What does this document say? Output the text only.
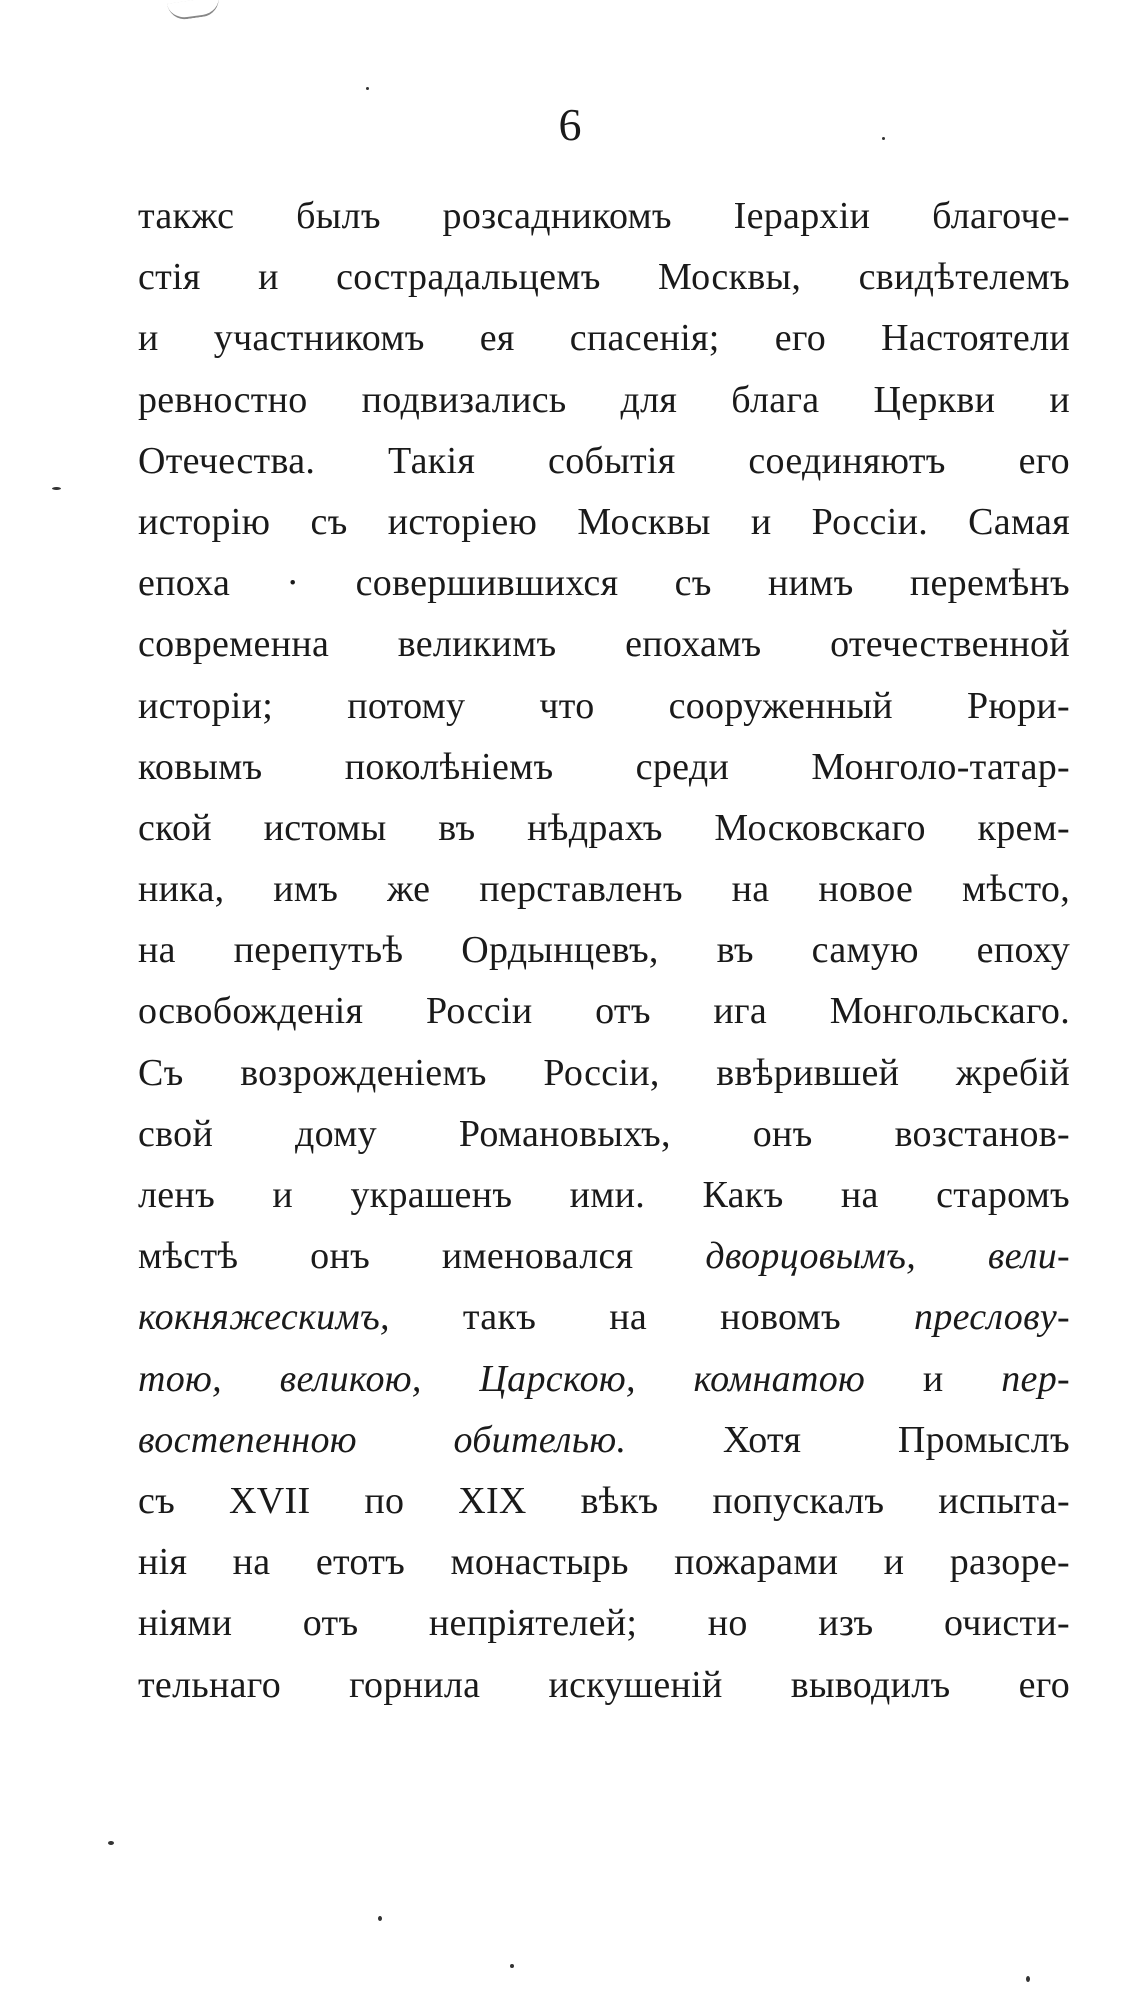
6
такжс былъ розсадникомъ Іерархіи благоче-
стія и сострадальцемъ Москвы, свидѣтелемъ
и участникомъ ея спасенія; его Настоятели
ревностно подвизались для блага Церкви и
Отечества. Такія событія соединяютъ его
исторію съ исторіею Москвы и Россіи. Самая
епоха · совершившихся съ нимъ перемѣнъ
современна великимъ епохамъ отечественной
исторіи; потому что сооруженный Рюри-
ковымъ поколѣніемъ среди Монголо-татар-
ской истомы въ нѣдрахъ Московскаго крем-
ника, имъ же перставленъ на новое мѣсто,
на перепутьѣ Ордынцевъ, въ самую епоху
освобожденія Россіи отъ ига Монгольскаго.
Съ возрожденіемъ Россіи, ввѣрившей жребій
свой дому Романовыхъ, онъ возстанов-
ленъ и украшенъ ими. Какъ на старомъ
мѣстѣ онъ именовался дворцовымъ, вели-
кокняжескимъ, такъ на новомъ преслову-
тою, великою, Царскою, комнатою и пер-
востепенною обителью. Хотя Промыслъ
съ XVII по XIX вѣкъ попускалъ испыта-
нія на етотъ монастырь пожарами и разоре-
ніями отъ непріятелей; но изъ очисти-
тельнаго горнила искушеній выводилъ его
